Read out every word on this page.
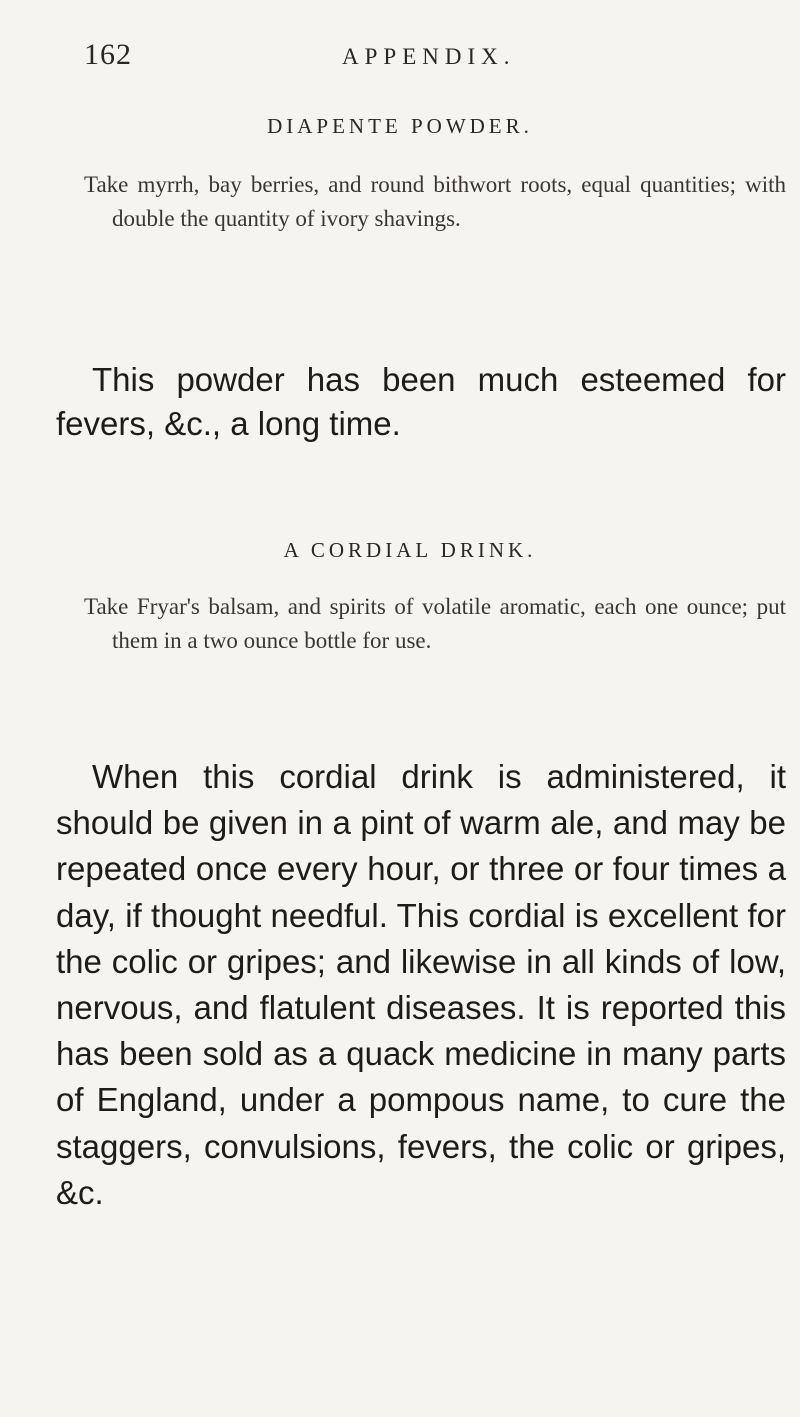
162	APPENDIX.
DIAPENTE POWDER.
Take myrrh, bay berries, and round bithwort roots, equal quantities; with double the quantity of ivory shavings.
This powder has been much esteemed for fevers, &c., a long time.
A CORDIAL DRINK.
Take Fryar's balsam, and spirits of volatile aromatic, each one ounce; put them in a two ounce bottle for use.
When this cordial drink is administered, it should be given in a pint of warm ale, and may be repeated once every hour, or three or four times a day, if thought needful. This cordial is excellent for the colic or gripes; and likewise in all kinds of low, nervous, and flatulent diseases. It is reported this has been sold as a quack medicine in many parts of England, under a pompous name, to cure the staggers, convulsions, fevers, the colic or gripes, &c.
